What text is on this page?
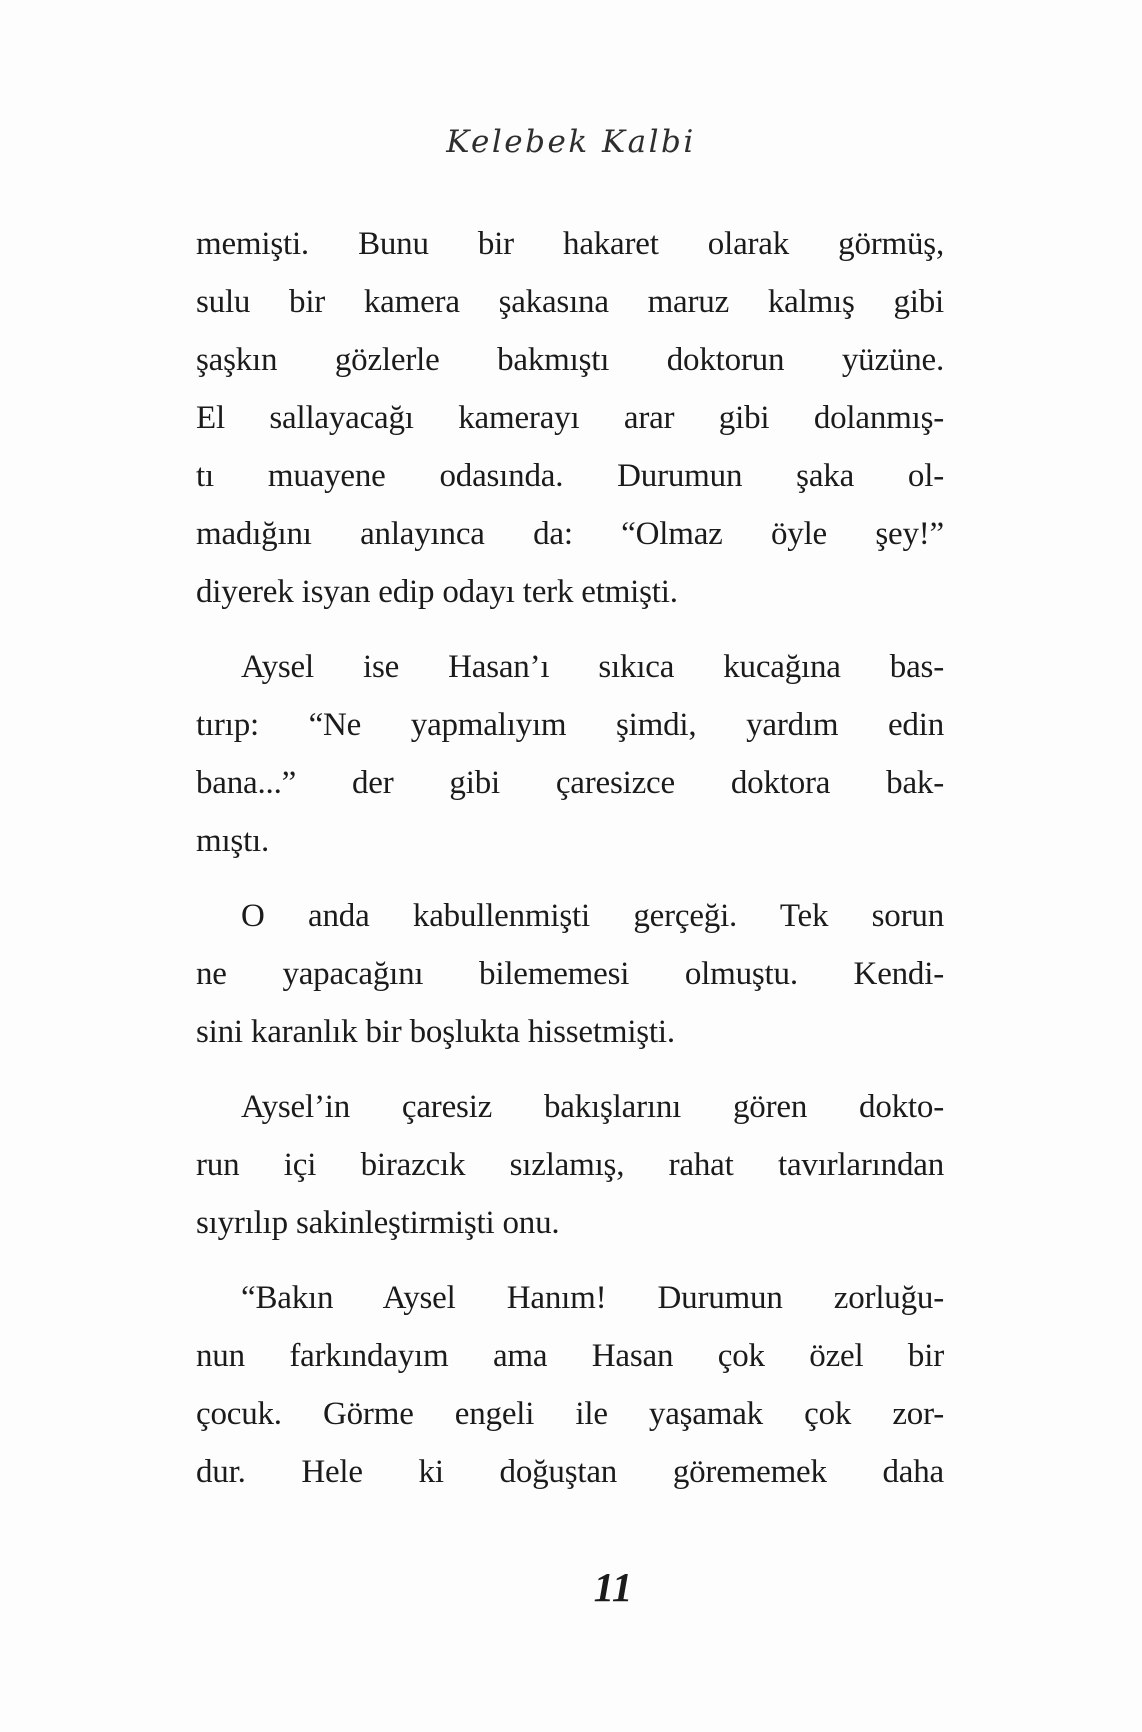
Kelebek Kalbi
memişti. Bunu bir hakaret olarak görmüş,
sulu bir kamera şakasına maruz kalmış gibi
şaşkın gözlerle bakmıştı doktorun yüzüne.
El sallayacağı kamerayı arar gibi dolanmış-
tı muayene odasında. Durumun şaka ol-
madığını anlayınca da: “Olmaz öyle şey!”
diyerek isyan edip odayı terk etmişti.
Aysel ise Hasan’ı sıkıca kucağına bas-
tırıp: “Ne yapmalıyım şimdi, yardım edin
bana...” der gibi çaresizce doktora bak-
mıştı.
O anda kabullenmişti gerçeği. Tek sorun
ne yapacağını bilememesi olmuştu. Kendi-
sini karanlık bir boşlukta hissetmişti.
Aysel’in çaresiz bakışlarını gören dokto-
run içi birazcık sızlamış, rahat tavırlarından
sıyrılıp sakinleştirmişti onu.
“Bakın Aysel Hanım! Durumun zorluğu-
nun farkındayım ama Hasan çok özel bir
çocuk. Görme engeli ile yaşamak çok zor-
dur. Hele ki doğuştan görememek daha
11
